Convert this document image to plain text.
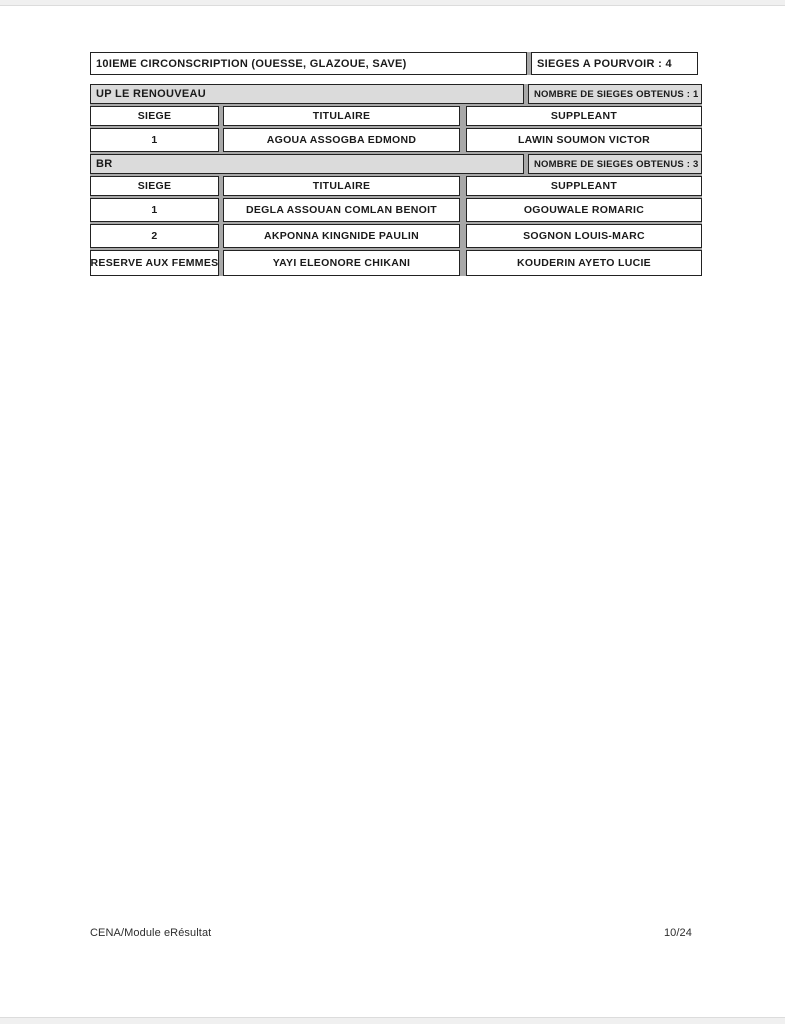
10IEME CIRCONSCRIPTION (OUESSE, GLAZOUE, SAVE)	SIEGES A POURVOIR : 4
UP LE RENOUVEAU	NOMBRE DE SIEGES OBTENUS : 1
SIEGE	TITULAIRE	SUPPLEANT
1	AGOUA ASSOGBA EDMOND	LAWIN SOUMON VICTOR
BR	NOMBRE DE SIEGES OBTENUS : 3
SIEGE	TITULAIRE	SUPPLEANT
1	DEGLA ASSOUAN COMLAN BENOIT	OGOUWALE ROMARIC
2	AKPONNA KINGNIDE PAULIN	SOGNON LOUIS-MARC
RESERVE AUX FEMMES	YAYI ELEONORE CHIKANI	KOUDERIN AYETO LUCIE
CENA/Module eRésultat	10/24
